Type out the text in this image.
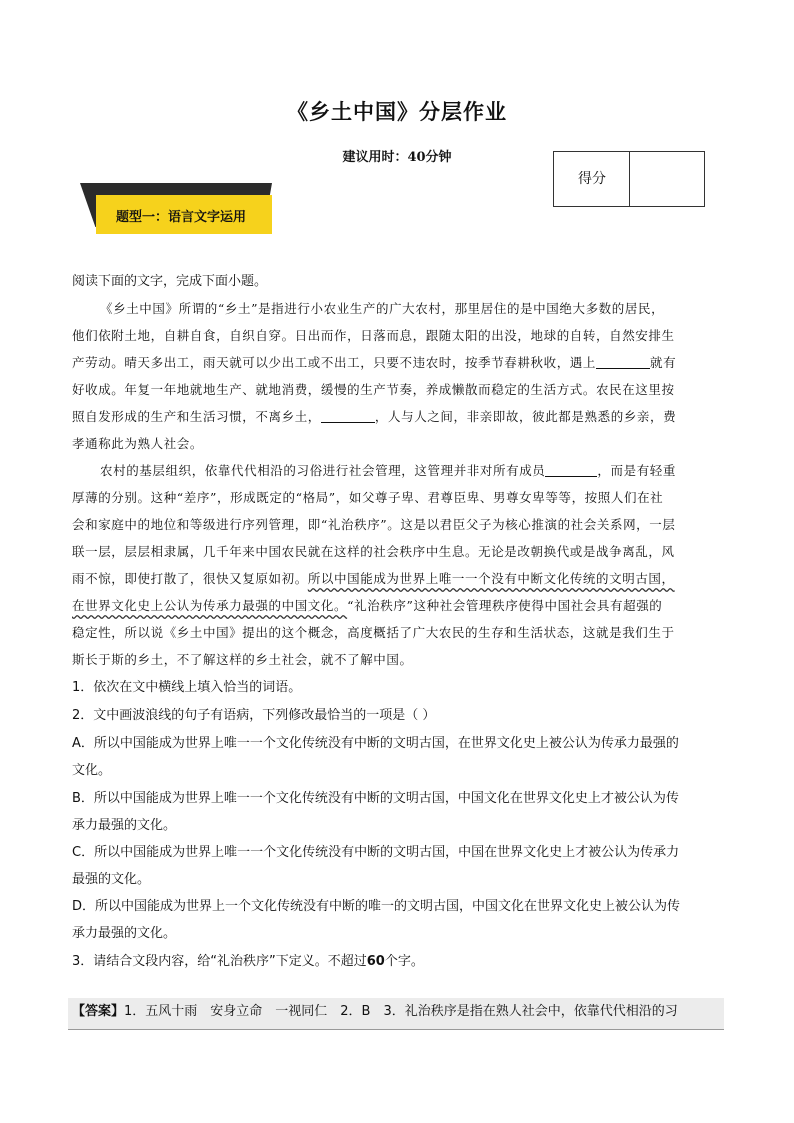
《乡土中国》分层作业
建议用时：40分钟
得分
题型一：语言文字运用
阅读下面的文字，完成下面小题。
《乡土中国》所谓的“乡土”是指进行小农业生产的广大农村，那里居住的是中国绝大多数的居民，
他们依附土地，自耕自食，自织自穿。日出而作，日落而息，跟随太阳的出没，地球的自转，自然安排生
产劳动。晴天多出工，雨天就可以少出工或不出工，只要不违农时，按季节春耕秋收，遇上	就有
好收成。年复一年地就地生产、就地消费，缓慢的生产节奏，养成懒散而稳定的生活方式。农民在这里按
照自发形成的生产和生活习惯，不离乡土，	，人与人之间，非亲即故，彼此都是熟悉的乡亲，费
孝通称此为熟人社会。
农村的基层组织，依靠代代相沿的习俗进行社会管理，这管理并非对所有成员	，而是有轻重
厚薄的分别。这种“差序”，形成既定的“格局”，如父尊子卑、君尊臣卑、男尊女卑等等，按照人们在社
会和家庭中的地位和等级进行序列管理，即“礼治秩序”。这是以君臣父子为核心推演的社会关系网，一层
联一层，层层相隶属，几千年来中国农民就在这样的社会秩序中生息。无论是改朝换代或是战争离乱，风
雨不惊，即使打散了，很快又复原如初。所以中国能成为世界上唯一一个没有中断文化传统的文明古国，
在世界文化史上公认为传承力最强的中国文化。“礼治秩序”这种社会管理秩序使得中国社会具有超强的
稳定性，所以说《乡土中国》提出的这个概念，高度概括了广大农民的生存和生活状态，这就是我们生于
斯长于斯的乡土，不了解这样的乡土社会，就不了解中国。
1．依次在文中横线上填入恰当的词语。
2．文中画波浪线的句子有语病，下列修改最恰当的一项是（ ）
A．所以中国能成为世界上唯一一个文化传统没有中断的文明古国，在世界文化史上被公认为传承力最强的
文化。
B．所以中国能成为世界上唯一一个文化传统没有中断的文明古国，中国文化在世界文化史上才被公认为传
承力最强的文化。
C．所以中国能成为世界上唯一一个文化传统没有中断的文明古国，中国在世界文化史上才被公认为传承力
最强的文化。
D．所以中国能成为世界上一个文化传统没有中断的唯一的文明古国，中国文化在世界文化史上被公认为传
承力最强的文化。
3．请结合文段内容，给“礼治秩序”下定义。不超过60个字。
【答案】1．五风十雨　安身立命　一视同仁　2．B　3．礼治秩序是指在熟人社会中，依靠代代相沿的习
